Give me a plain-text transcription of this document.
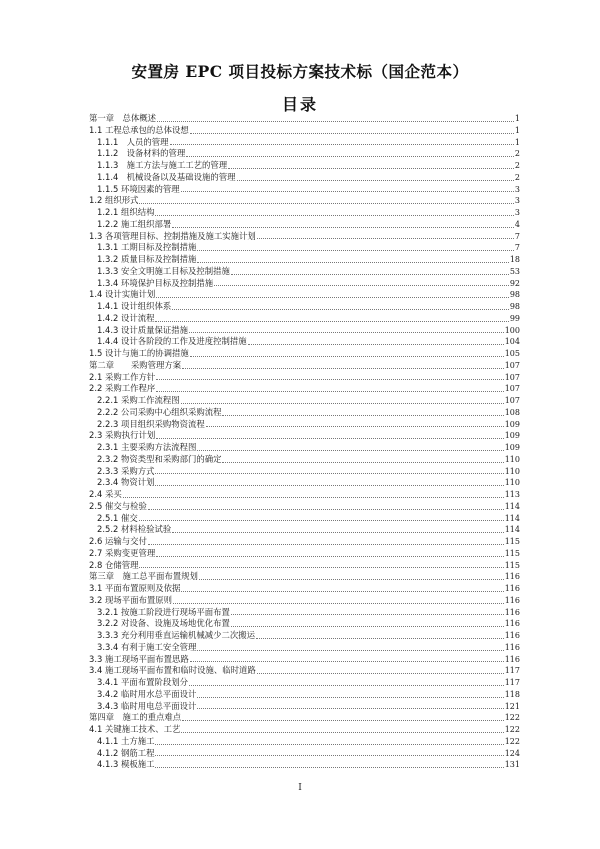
安置房 EPC 项目投标方案技术标（国企范本）
目录
第一章　总体概述	1
1.1 工程总承包的总体设想	1
1.1.1　人员的管理	1
1.1.2　设备材料的管理	2
1.1.3　施工方法与施工工艺的管理	2
1.1.4　机械设备以及基础设施的管理	2
1.1.5 环境因素的管理	3
1.2 组织形式	3
1.2.1 组织结构	3
1.2.2 施工组织部署	4
1.3 各项管理目标、控制措施及施工实施计划	7
1.3.1 工期目标及控制措施	7
1.3.2 质量目标及控制措施	18
1.3.3 安全文明施工目标及控制措施	53
1.3.4 环境保护目标及控制措施	92
1.4 设计实施计划	98
1.4.1 设计组织体系	98
1.4.2 设计流程	99
1.4.3 设计质量保证措施	100
1.4.4 设计各阶段的工作及进度控制措施	104
1.5 设计与施工的协调措施	105
第二章　　采购管理方案	107
2.1 采购工作方针	107
2.2 采购工作程序	107
2.2.1 采购工作流程图	107
2.2.2 公司采购中心组织采购流程	108
2.2.3 项目组织采购物资流程	109
2.3 采购执行计划	109
2.3.1 主要采购方法流程图	109
2.3.2 物资类型和采购部门的确定	110
2.3.3 采购方式	110
2.3.4 物资计划	110
2.4 采买	113
2.5 催交与检验	114
2.5.1 催交	114
2.5.2 材料检验试验	114
2.6 运输与交付	115
2.7 采购变更管理	115
2.8 仓储管理	115
第三章　施工总平面布置规划	116
3.1 平面布置原则及依据	116
3.2 现场平面布置原则	116
3.2.1 按施工阶段进行现场平面布置	116
3.2.2 对设备、设施及场地优化布置	116
3.3.3 充分利用垂直运输机械减少二次搬运	116
3.3.4 有利于施工安全管理	116
3.3 施工现场平面布置思路	116
3.4 施工现场平面布置和临时设施、临时道路	117
3.4.1 平面布置阶段划分	117
3.4.2 临时用水总平面设计	118
3.4.3 临时用电总平面设计	121
第四章　施工的重点难点	122
4.1 关键施工技术、工艺	122
4.1.1 土方施工	122
4.1.2 钢筋工程	124
4.1.3 模板施工	131
I
